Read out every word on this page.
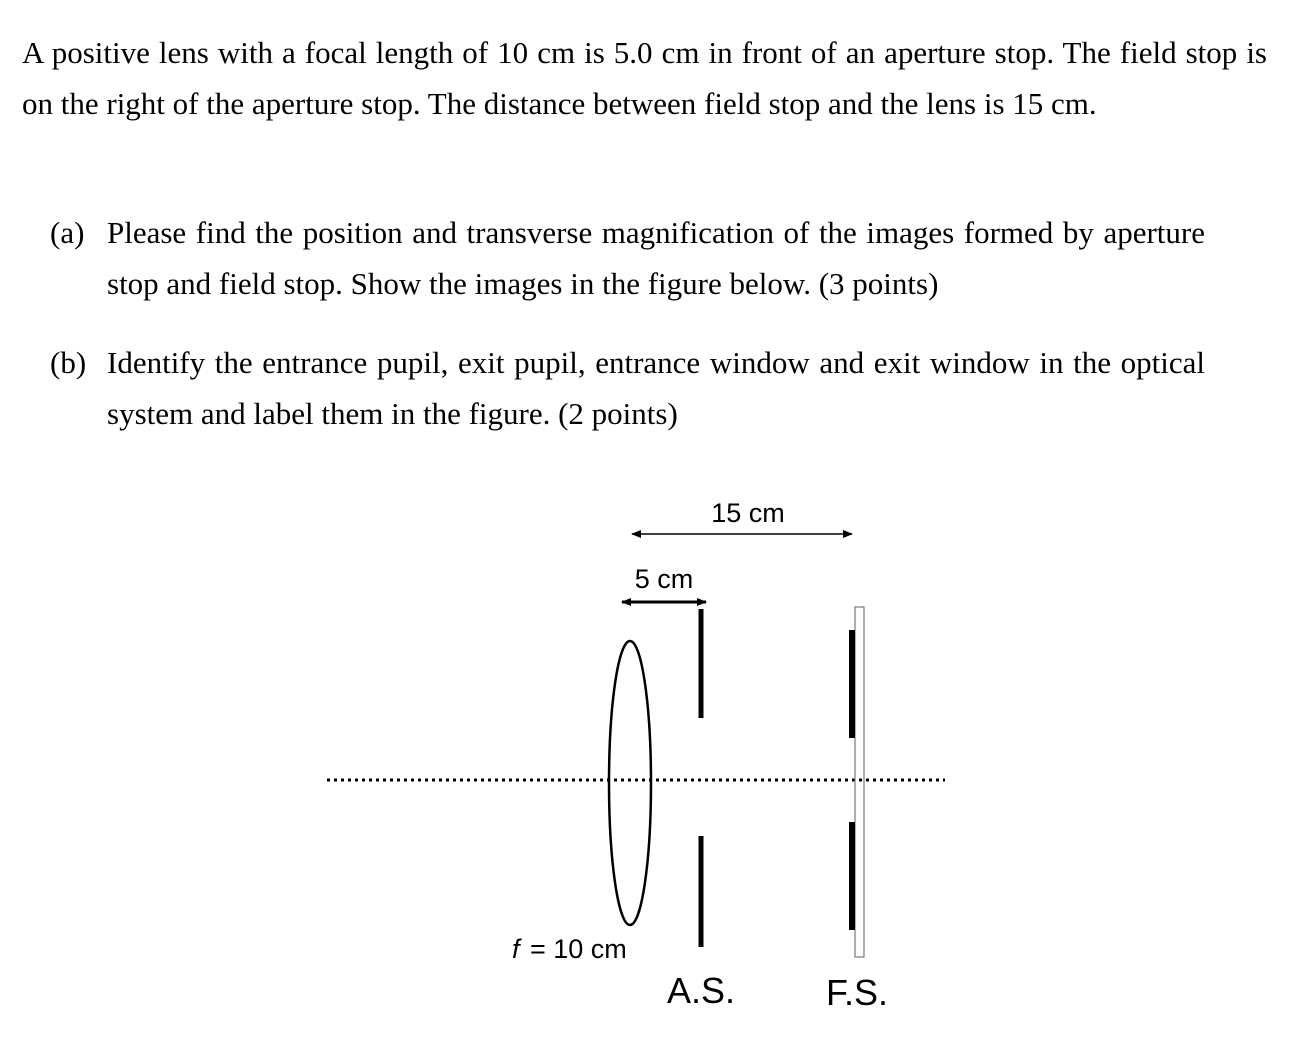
A positive lens with a focal length of 10 cm is 5.0 cm in front of an aperture stop. The field stop is on the right of the aperture stop. The distance between field stop and the lens is 15 cm.

(a) Please find the position and transverse magnification of the images formed by aperture stop and field stop. Show the images in the figure below. (3 points)
(b) Identify the entrance pupil, exit pupil, entrance window and exit window in the optical system and label them in the figure. (2 points)
15 cm
5 cm
f = 10 cm
A.S.	F.S.
